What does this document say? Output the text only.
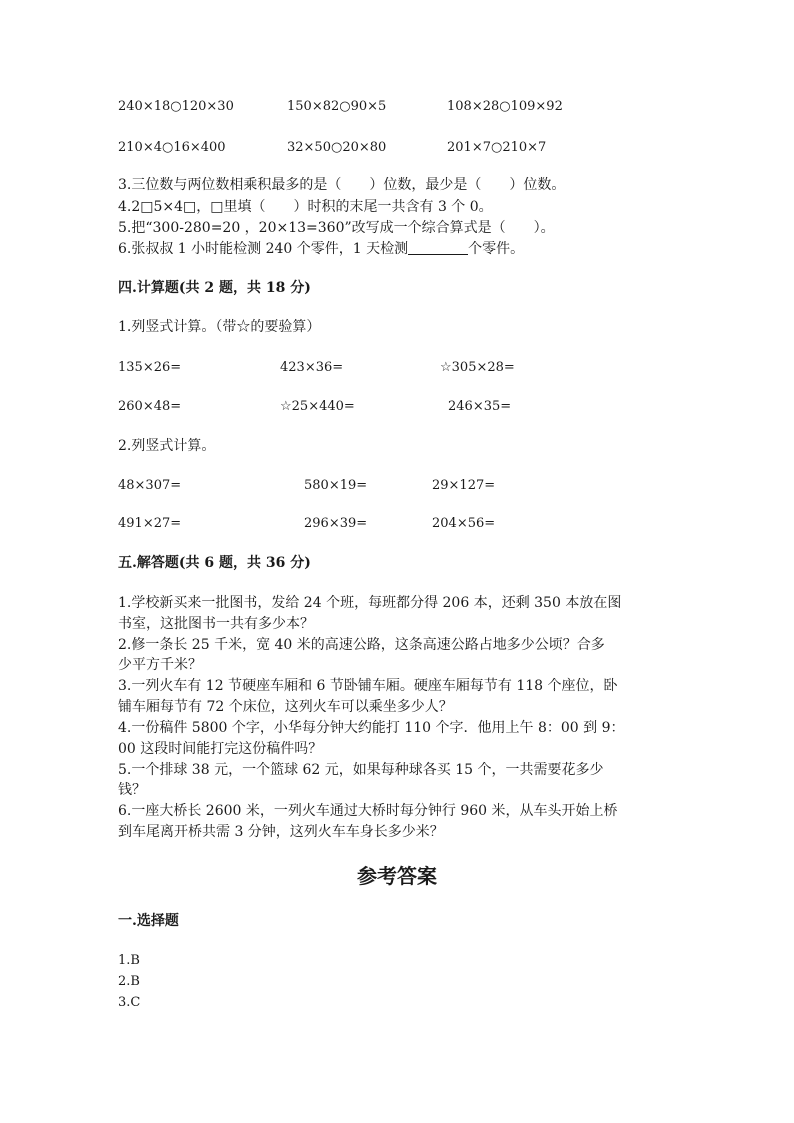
240×18○120×30	150×82○90×5	108×28○109×92
210×4○16×400	32×50○20×80	201×7○210×7
3.三位数与两位数相乘积最多的是（　　）位数，最少是（　　）位数。
4.2□5×4□，□里填（　　）时积的末尾一共含有 3 个 0。
5.把“300-280=20 ，20×13=360”改写成一个综合算式是（　　）。
6.张叔叔 1 小时能检测 240 个零件，1 天检测	个零件。
四.计算题(共 2 题，共 18 分)
1.列竖式计算。（带☆的要验算）
135×26=	423×36=	☆305×28=
260×48=	☆25×440=	246×35=
2.列竖式计算。
48×307=	580×19=	29×127=
491×27=	296×39=	204×56=
五.解答题(共 6 题，共 36 分)
1.学校新买来一批图书，发给 24 个班，每班都分得 206 本，还剩 350 本放在图
书室，这批图书一共有多少本？
2.修一条长 25 千米，宽 40 米的高速公路，这条高速公路占地多少公顷？合多
少平方千米？
3.一列火车有 12 节硬座车厢和 6 节卧铺车厢。硬座车厢每节有 118 个座位，卧
铺车厢每节有 72 个床位，这列火车可以乘坐多少人？
4.一份稿件 5800 个字，小华每分钟大约能打 110 个字．他用上午 8：00 到 9：
00 这段时间能打完这份稿件吗？
5.一个排球 38 元，一个篮球 62 元，如果每种球各买 15 个，一共需要花多少
钱？
6.一座大桥长 2600 米，一列火车通过大桥时每分钟行 960 米，从车头开始上桥
到车尾离开桥共需 3 分钟，这列火车车身长多少米？
参考答案
一.选择题
1.B
2.B
3.C
